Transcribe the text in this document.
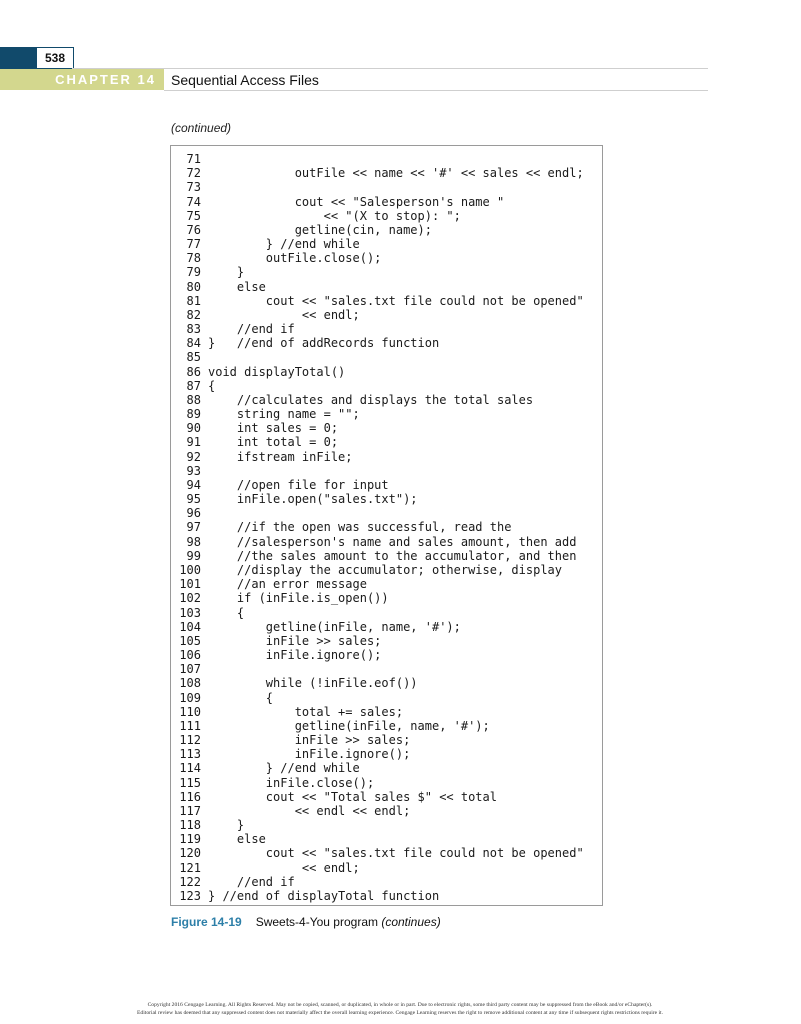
538
CHAPTER 14	Sequential Access Files
(continued)
71
72            outFile << name << '#' << sales << endl;
73
74            cout << "Salesperson's name "
75                << "(X to stop): ";
76            getline(cin, name);
77        } //end while
78        outFile.close();
79    }
80    else
81        cout << "sales.txt file could not be opened"
82             << endl;
83    //end if
84 }   //end of addRecords function
85
86 void displayTotal()
87 {
88    //calculates and displays the total sales
89    string name = "";
90    int sales = 0;
91    int total = 0;
92    ifstream inFile;
93
94    //open file for input
95    inFile.open("sales.txt");
96
97    //if the open was successful, read the
98    //salesperson's name and sales amount, then add
99    //the sales amount to the accumulator, and then
100    //display the accumulator; otherwise, display
101    //an error message
102    if (inFile.is_open())
103    {
104        getline(inFile, name, '#');
105        inFile >> sales;
106        inFile.ignore();
107
108        while (!inFile.eof())
109        {
110            total += sales;
111            getline(inFile, name, '#');
112            inFile >> sales;
113            inFile.ignore();
114        } //end while
115        inFile.close();
116        cout << "Total sales $" << total
117            << endl << endl;
118    }
119    else
120        cout << "sales.txt file could not be opened"
121             << endl;
122    //end if
123 } //end of displayTotal function
Figure 14-19 Sweets-4-You program (continues)
Copyright 2016 Cengage Learning. All Rights Reserved. May not be copied, scanned, or duplicated, in whole or in part. Due to electronic rights, some third party content may be suppressed from the eBook and/or eChapter(s).
Editorial review has deemed that any suppressed content does not materially affect the overall learning experience. Cengage Learning reserves the right to remove additional content at any time if subsequent rights restrictions require it.
